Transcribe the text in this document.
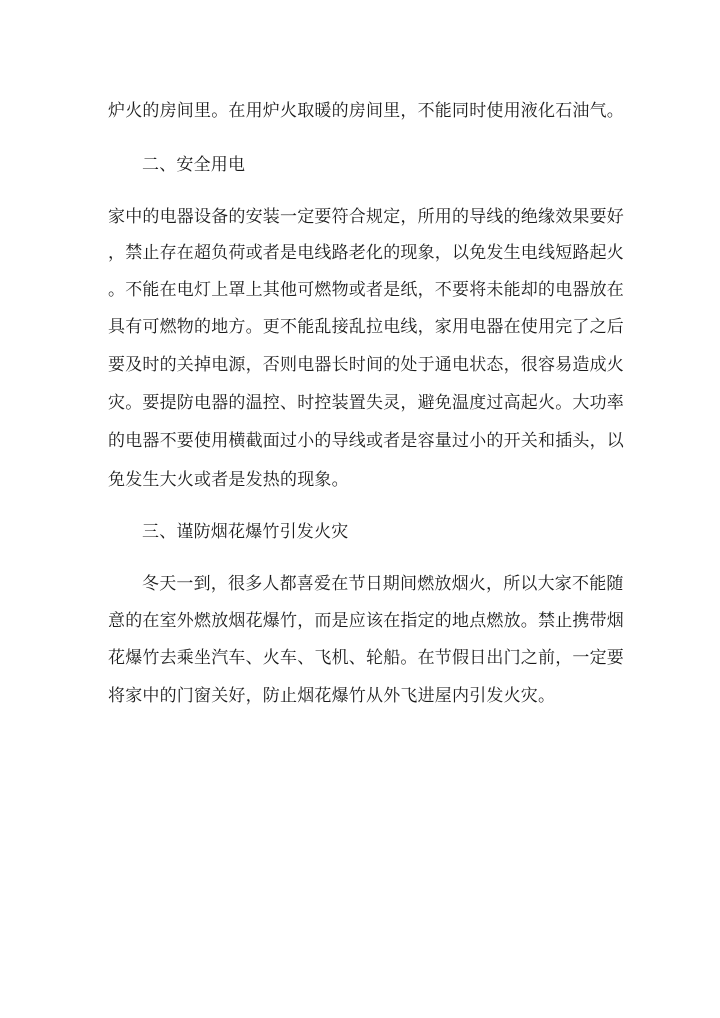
炉火的房间里。在用炉火取暖的房间里，不能同时使用液化石油气。
二、安全用电
家中的电器设备的安装一定要符合规定，所用的导线的绝缘效果要好
，禁止存在超负荷或者是电线路老化的现象，以免发生电线短路起火
。不能在电灯上罩上其他可燃物或者是纸，不要将未能却的电器放在
具有可燃物的地方。更不能乱接乱拉电线，家用电器在使用完了之后
要及时的关掉电源，否则电器长时间的处于通电状态，很容易造成火
灾。要提防电器的温控、时控装置失灵，避免温度过高起火。大功率
的电器不要使用横截面过小的导线或者是容量过小的开关和插头，以
免发生大火或者是发热的现象。
三、谨防烟花爆竹引发火灾
冬天一到，很多人都喜爱在节日期间燃放烟火，所以大家不能随
意的在室外燃放烟花爆竹，而是应该在指定的地点燃放。禁止携带烟
花爆竹去乘坐汽车、火车、飞机、轮船。在节假日出门之前，一定要
将家中的门窗关好，防止烟花爆竹从外飞进屋内引发火灾。
